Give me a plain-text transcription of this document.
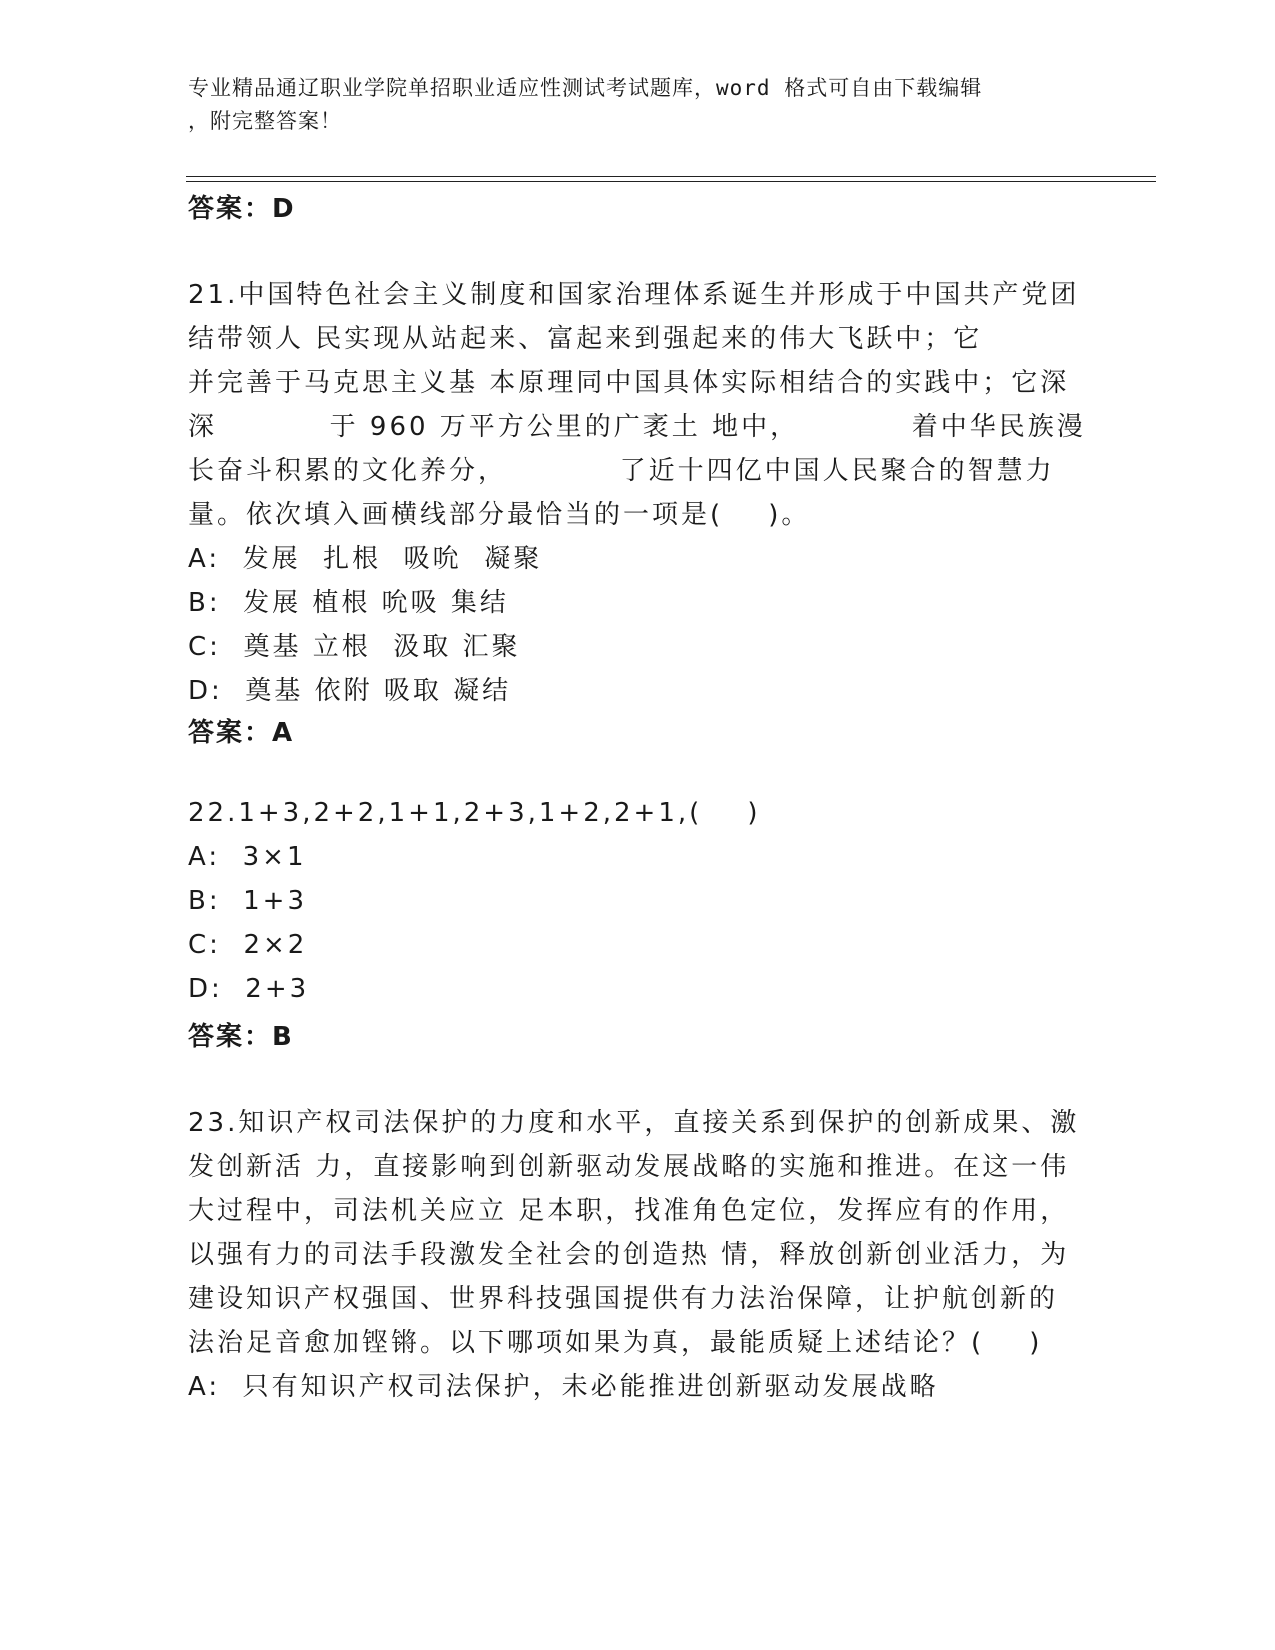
专业精品通辽职业学院单招职业适应性测试考试题库，word 格式可自由下载编辑
，附完整答案！
答案：D
21.中国特色社会主义制度和国家治理体系诞生并形成于中国共产党团
结带领人 民实现从站起来、富起来到强起来的伟大飞跃中；它
并完善于马克思主义基 本原理同中国具体实际相结合的实践中；它深
深          于 960 万平方公里的广袤土 地中，          着中华民族漫
长奋斗积累的文化养分，          了近十四亿中国人民聚合的智慧力
量。依次填入画横线部分最恰当的一项是(    )。
A:  发展  扎根  吸吮  凝聚
B:  发展 植根 吮吸 集结
C:  奠基 立根  汲取 汇聚
D:  奠基 依附 吸取 凝结
答案：A
22.1+3,2+2,1+1,2+3,1+2,2+1,(    )
A:  3×1
B:  1+3
C:  2×2
D:  2+3
答案：B
23.知识产权司法保护的力度和水平，直接关系到保护的创新成果、激
发创新活 力，直接影响到创新驱动发展战略的实施和推进。在这一伟
大过程中，司法机关应立 足本职，找准角色定位，发挥应有的作用，
以强有力的司法手段激发全社会的创造热 情，释放创新创业活力，为
建设知识产权强国、世界科技强国提供有力法治保障，让护航创新的
法治足音愈加铿锵。以下哪项如果为真，最能质疑上述结论？(    )
A:  只有知识产权司法保护，未必能推进创新驱动发展战略
